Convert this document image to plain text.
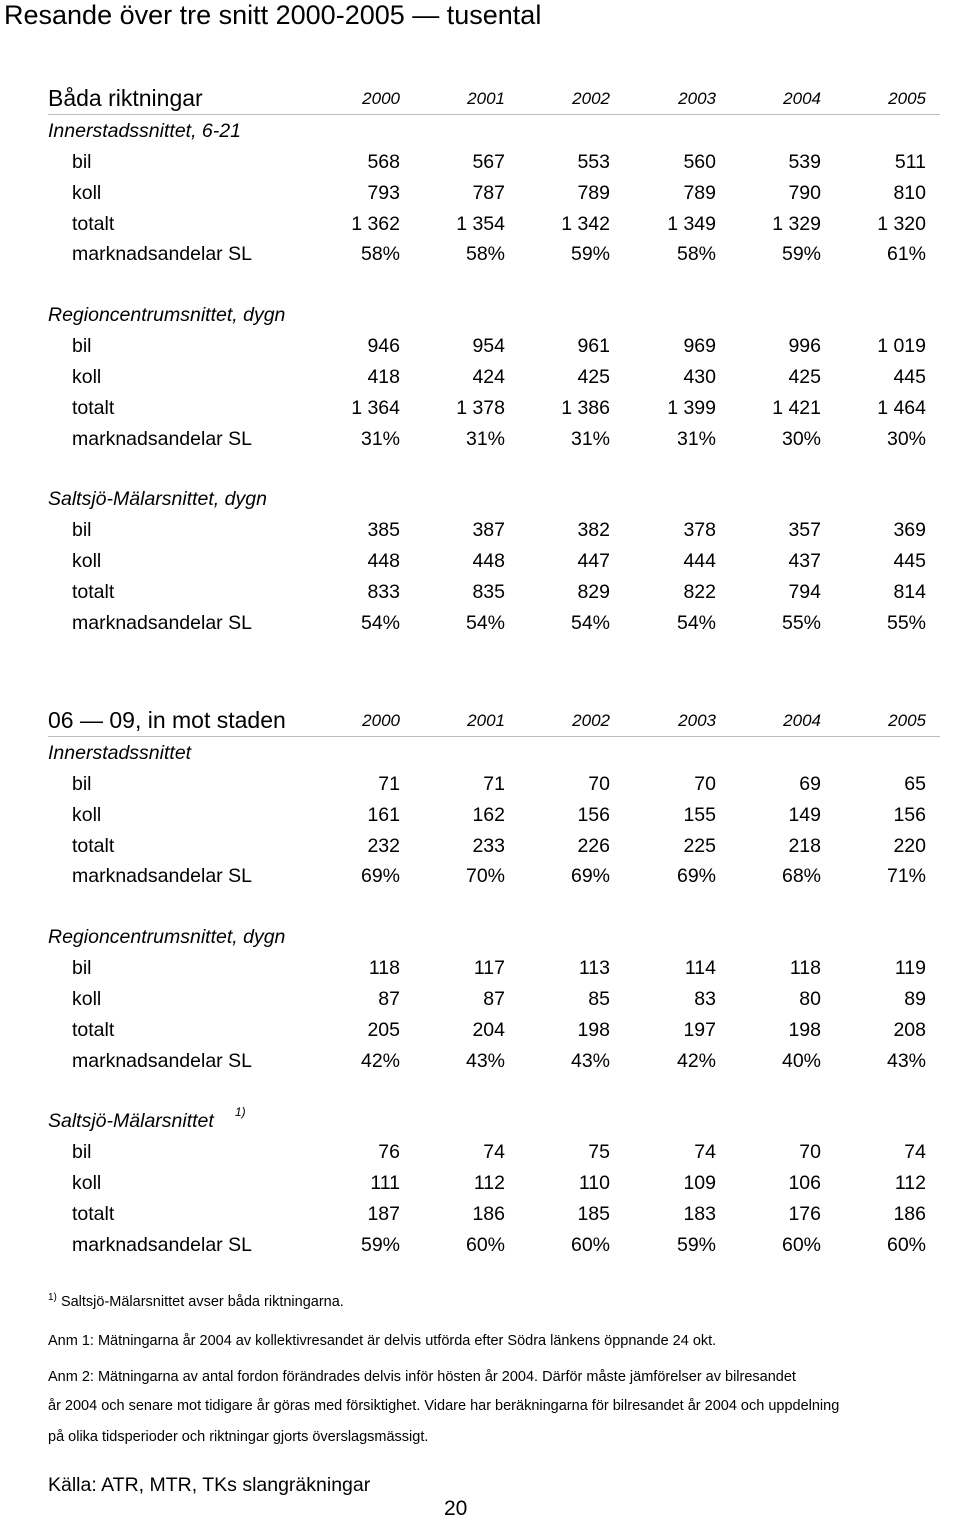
Resande över tre snitt 2000-2005 — tusental
Båda riktningar	2000	2001	2002	2003	2004	2005
Innerstadssnittet, 6-21
bil	568	567	553	560	539	511
koll	793	787	789	789	790	810
totalt	1 362	1 354	1 342	1 349	1 329	1 320
marknadsandelar SL	58%	58%	59%	58%	59%	61%
Regioncentrumsnittet, dygn
bil	946	954	961	969	996	1 019
koll	418	424	425	430	425	445
totalt	1 364	1 378	1 386	1 399	1 421	1 464
marknadsandelar SL	31%	31%	31%	31%	30%	30%
Saltsjö-Mälarsnittet, dygn
bil	385	387	382	378	357	369
koll	448	448	447	444	437	445
totalt	833	835	829	822	794	814
marknadsandelar SL	54%	54%	54%	54%	55%	55%
06 — 09, in mot staden	2000	2001	2002	2003	2004	2005
Innerstadssnittet
bil	71	71	70	70	69	65
koll	161	162	156	155	149	156
totalt	232	233	226	225	218	220
marknadsandelar SL	69%	70%	69%	69%	68%	71%
Regioncentrumsnittet, dygn
bil	118	117	113	114	118	119
koll	87	87	85	83	80	89
totalt	205	204	198	197	198	208
marknadsandelar SL	42%	43%	43%	42%	40%	43%
Saltsjö-Mälarsnittet 1)
bil	76	74	75	74	70	74
koll	111	112	110	109	106	112
totalt	187	186	185	183	176	186
marknadsandelar SL	59%	60%	60%	59%	60%	60%
$^{1)}$ Saltsjö-Mälarsnittet avser båda riktningarna.
Anm 1: Mätningarna år 2004 av kollektivresandet är delvis utförda efter Södra länkens öppnande 24 okt.
Anm 2: Mätningarna av antal fordon förändrades delvis inför hösten år 2004. Därför måste jämförelser av bilresandet
år 2004 och senare mot tidigare år göras med försiktighet. Vidare har beräkningarna för bilresandet år 2004 och uppdelning
på olika tidsperioder och riktningar gjorts överslagsmässigt.
Källa: ATR, MTR, TKs slangräkningar
20
